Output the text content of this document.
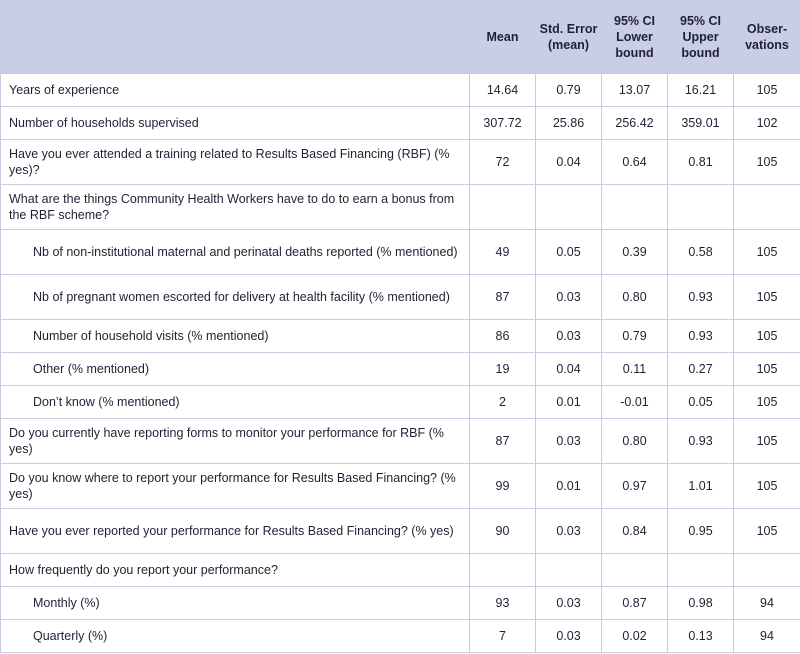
	Mean	Std. Error (mean)	95% CI Lower bound	95% CI Upper bound	Obser-vations
Years of experience	14.64	0.79	13.07	16.21	105
Number of households supervised	307.72	25.86	256.42	359.01	102
Have you ever attended a training related to Results Based Financing (RBF) (% yes)?	72	0.04	0.64	0.81	105
What are the things Community Health Workers have to do to earn a bonus from the RBF scheme?					
Nb of non-institutional maternal and perinatal deaths reported (% mentioned)	49	0.05	0.39	0.58	105
Nb of pregnant women escorted for delivery at health facility (% mentioned)	87	0.03	0.80	0.93	105
Number of household visits (% mentioned)	86	0.03	0.79	0.93	105
Other (% mentioned)	19	0.04	0.11	0.27	105
Don’t know (% mentioned)	2	0.01	-0.01	0.05	105
Do you currently have reporting forms to monitor your performance for RBF (% yes)	87	0.03	0.80	0.93	105
Do you know where to report your performance for Results Based Financing? (% yes)	99	0.01	0.97	1.01	105
Have you ever reported your performance for Results Based Financing? (% yes)	90	0.03	0.84	0.95	105
How frequently do you report your performance?					
Monthly (%)	93	0.03	0.87	0.98	94
Quarterly (%)	7	0.03	0.02	0.13	94
